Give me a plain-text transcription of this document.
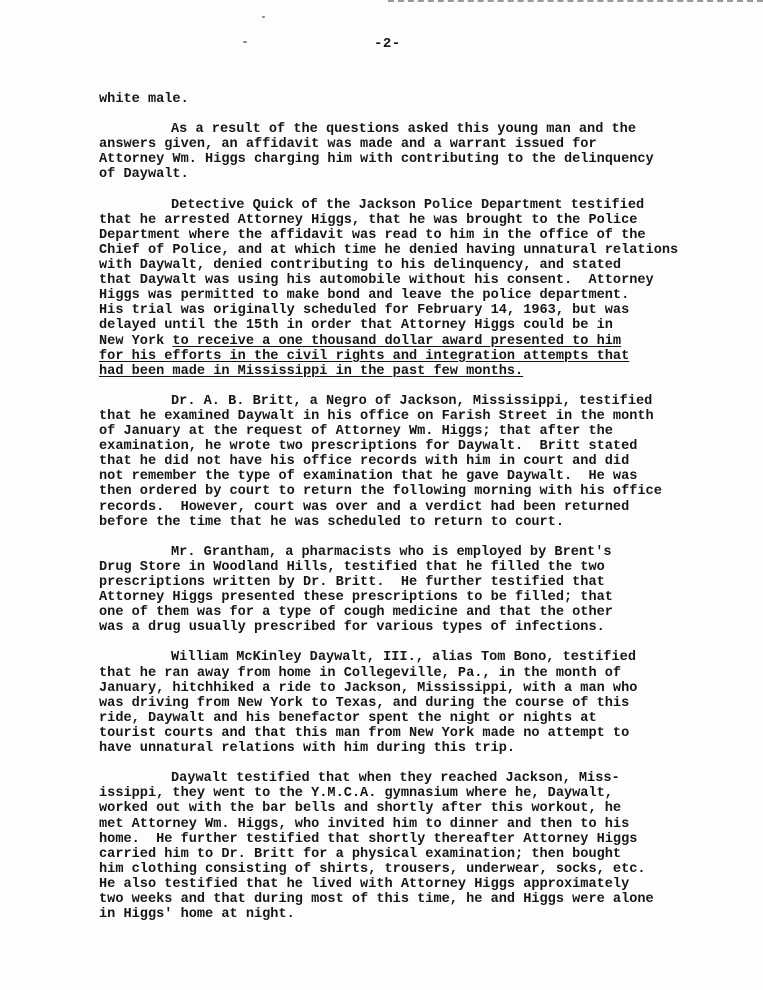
-2-
white male.
As a result of the questions asked this young man and the
answers given, an affidavit was made and a warrant issued for
Attorney Wm. Higgs charging him with contributing to the delinquency
of Daywalt.
Detective Quick of the Jackson Police Department testified
that he arrested Attorney Higgs, that he was brought to the Police
Department where the affidavit was read to him in the office of the
Chief of Police, and at which time he denied having unnatural relations
with Daywalt, denied contributing to his delinquency, and stated
that Daywalt was using his automobile without his consent.  Attorney
Higgs was permitted to make bond and leave the police department.
His trial was originally scheduled for February 14, 1963, but was
delayed until the 15th in order that Attorney Higgs could be in
New York to receive a one thousand dollar award presented to him
for his efforts in the civil rights and integration attempts that
had been made in Mississippi in the past few months.
Dr. A. B. Britt, a Negro of Jackson, Mississippi, testified
that he examined Daywalt in his office on Farish Street in the month
of January at the request of Attorney Wm. Higgs; that after the
examination, he wrote two prescriptions for Daywalt.  Britt stated
that he did not have his office records with him in court and did
not remember the type of examination that he gave Daywalt.  He was
then ordered by court to return the following morning with his office
records.  However, court was over and a verdict had been returned
before the time that he was scheduled to return to court.
Mr. Grantham, a pharmacists who is employed by Brent's
Drug Store in Woodland Hills, testified that he filled the two
prescriptions written by Dr. Britt.  He further testified that
Attorney Higgs presented these prescriptions to be filled; that
one of them was for a type of cough medicine and that the other
was a drug usually prescribed for various types of infections.
William McKinley Daywalt, III., alias Tom Bono, testified
that he ran away from home in Collegeville, Pa., in the month of
January, hitchhiked a ride to Jackson, Mississippi, with a man who
was driving from New York to Texas, and during the course of this
ride, Daywalt and his benefactor spent the night or nights at
tourist courts and that this man from New York made no attempt to
have unnatural relations with him during this trip.
Daywalt testified that when they reached Jackson, Miss-
issippi, they went to the Y.M.C.A. gymnasium where he, Daywalt,
worked out with the bar bells and shortly after this workout, he
met Attorney Wm. Higgs, who invited him to dinner and then to his
home.  He further testified that shortly thereafter Attorney Higgs
carried him to Dr. Britt for a physical examination; then bought
him clothing consisting of shirts, trousers, underwear, socks, etc.
He also testified that he lived with Attorney Higgs approximately
two weeks and that during most of this time, he and Higgs were alone
in Higgs' home at night.
